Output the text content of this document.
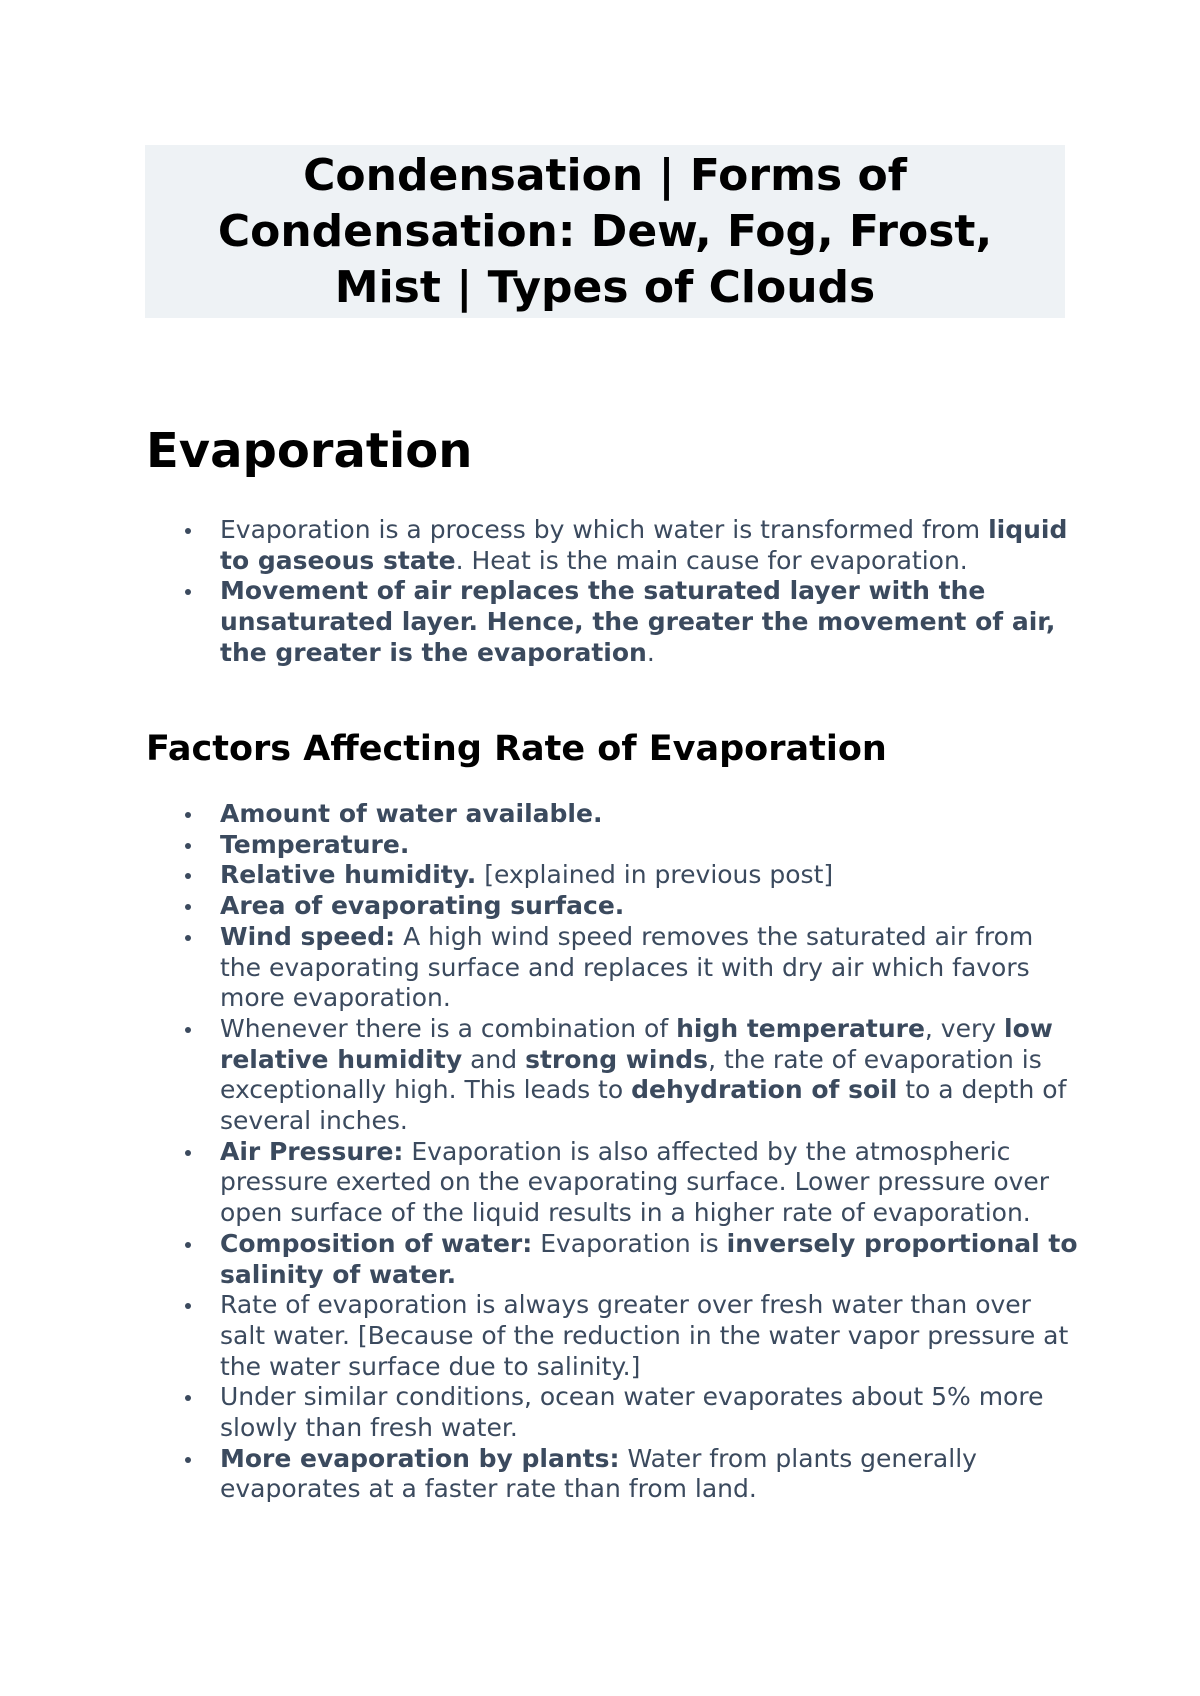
Condensation | Forms of Condensation: Dew, Fog, Frost, Mist | Types of Clouds
Evaporation
Evaporation is a process by which water is transformed from liquid to gaseous state. Heat is the main cause for evaporation.
Movement of air replaces the saturated layer with the unsaturated layer. Hence, the greater the movement of air, the greater is the evaporation.
Factors Affecting Rate of Evaporation
Amount of water available.
Temperature.
Relative humidity. [explained in previous post]
Area of evaporating surface.
Wind speed: A high wind speed removes the saturated air from the evaporating surface and replaces it with dry air which favors more evaporation.
Whenever there is a combination of high temperature, very low relative humidity and strong winds, the rate of evaporation is exceptionally high. This leads to dehydration of soil to a depth of several inches.
Air Pressure: Evaporation is also affected by the atmospheric pressure exerted on the evaporating surface. Lower pressure over open surface of the liquid results in a higher rate of evaporation.
Composition of water: Evaporation is inversely proportional to salinity of water.
Rate of evaporation is always greater over fresh water than over salt water. [Because of the reduction in the water vapor pressure at the water surface due to salinity.]
Under similar conditions, ocean water evaporates about 5% more slowly than fresh water.
More evaporation by plants: Water from plants generally evaporates at a faster rate than from land.
